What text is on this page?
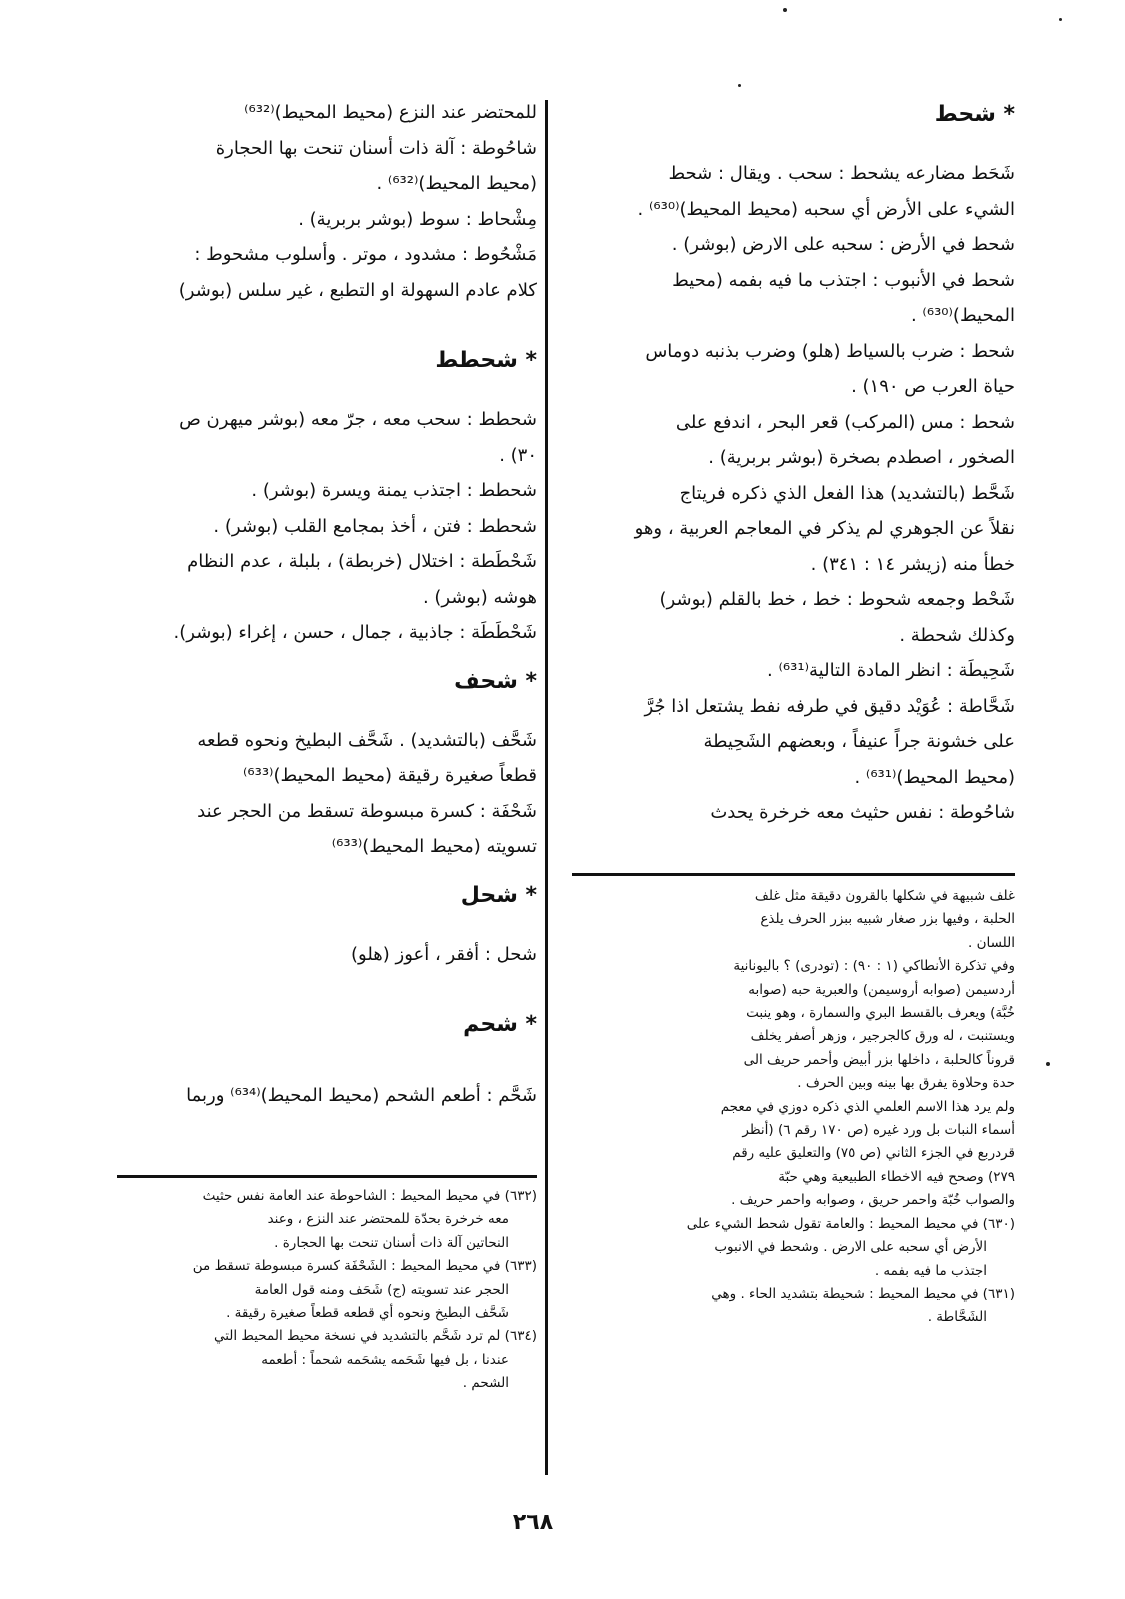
* شحط

شَحَط مضارعه يشحط : سحب . ويقال : شحط

الشيء على الأرض أي سحبه (محيط المحيط)⁽⁶³⁰⁾ .

شحط في الأرض : سحبه على الارض (بوشر) .

شحط في الأنبوب : اجتذب ما فيه بفمه (محيط

المحيط)⁽⁶³⁰⁾ .

شحط : ضرب بالسياط (هلو) وضرب بذنبه دوماس

حياة العرب ص ١٩٠) .

شحط : مس (المركب) قعر البحر ، اندفع على

الصخور ، اصطدم بصخرة (بوشر بربرية) .

شَحَّط (بالتشديد) هذا الفعل الذي ذكره فريتاج

نقلاً عن الجوهري لم يذكر في المعاجم العربية ، وهو

خطأ منه (زيشر ١٤ : ٣٤١) .

شَحْط وجمعه شحوط : خط ، خط بالقلم (بوشر)

وكذلك شحطة .

شَحِيطَة : انظر المادة التالية⁽⁶³¹⁾ .

شَحَّاطة : عُوَيْد دقيق في طرفه نفط يشتعل اذا جُرَّ

على خشونة جراً عنيفاً ، وبعضهم الشَحِيطة

(محيط المحيط)⁽⁶³¹⁾ .

شاحُوطة : نفس حثيث معه خرخرة يحدث

للمحتضر عند النزع (محيط المحيط)⁽⁶³²⁾

شاحُوطة : آلة ذات أسنان تنحت بها الحجارة

(محيط المحيط)⁽⁶³²⁾ .

مِشْحاط : سوط (بوشر بربرية) .

مَشْحُوط : مشدود ، موتر . وأسلوب مشحوط :

كلام عادم السهولة او التطبع ، غير سلس (بوشر)

* شحطط

شحطط : سحب معه ، جرّ معه (بوشر ميهرن ص

٣٠) .

شحطط : اجتذب يمنة ويسرة (بوشر) .

شحطط : فتن ، أخذ بمجامع القلب (بوشر) .

شَحْطَطة : اختلال (خربطة) ، بلبلة ، عدم النظام

هوشه (بوشر) .

شَحْطَطَة : جاذبية ، جمال ، حسن ، إغراء (بوشر).

* شحف

شَحَّف (بالتشديد) . شَحَّف البطيخ ونحوه قطعه

قطعاً صغيرة رقيقة (محيط المحيط)⁽⁶³³⁾

شَحْفَة : كسرة مبسوطة تسقط من الحجر عند

تسويته (محيط المحيط)⁽⁶³³⁾

* شحل

شحل : أفقر ، أعوز (هلو)

* شحم

شَحَّم : أطعم الشحم (محيط المحيط)⁽⁶³⁴⁾ وربما

غلف شبيهة في شكلها بالقرون دقيقة مثل غلف

الحلبة ، وفيها بزر صغار شبيه ببزر الحرف يلذع

اللسان .

وفي تذكرة الأنطاكي (١ : ٩٠) : (تودرى) ؟ باليونانية

أردسيمن (صوابه أروسيمن) والعبرية حبه (صوابه

خُبَّة) ويعرف بالقسط البري والسمارة ، وهو ينبت

ويستنبت ، له ورق كالجرجير ، وزهر أصفر يخلف

قروناً كالحلبة ، داخلها بزر أبيض وأحمر حريف الى

حدة وحلاوة يفرق بها بينه وبين الحرف .

ولم يرد هذا الاسم العلمي الذي ذكره دوزي في معجم

أسماء النبات بل ورد غيره (ص ١٧٠ رقم ٦) (أنظر

قردربع في الجزء الثاني (ص ٧٥) والتعليق عليه رقم

٢٧٩) وصحح فيه الاخطاء الطبيعية وهي حبّة

والصواب خُبّة واحمر حريق ، وصوابه واحمر حريف .

(٦٣٠) في محيط المحيط : والعامة تقول شحط الشيء على

الأرض أي سحبه على الارض . وشحط في الانبوب

اجتذب ما فيه بفمه .

(٦٣١) في محيط المحيط : شحيطة بتشديد الحاء . وهي

الشَحَّاطة .

(٦٣٢) في محيط المحيط : الشاحوطة عند العامة نفس حثيث

معه خرخرة بحدّة للمحتضر عند النزع ، وعند

النحاتين آلة ذات أسنان تنحت بها الحجارة .

(٦٣٣) في محيط المحيط : الشَحْفَة كسرة مبسوطة تسقط من

الحجر عند تسويته (ج) شَحَف ومنه قول العامة

شَحَّف البطيخ ونحوه أي قطعه قطعاً صغيرة رقيقة .

(٦٣٤) لم ترد شَحَّم بالتشديد في نسخة محيط المحيط التي

عندنا ، بل فيها شَحَمه يشحَمه شحماً : أطعمه

الشحم .

٢٦٨
